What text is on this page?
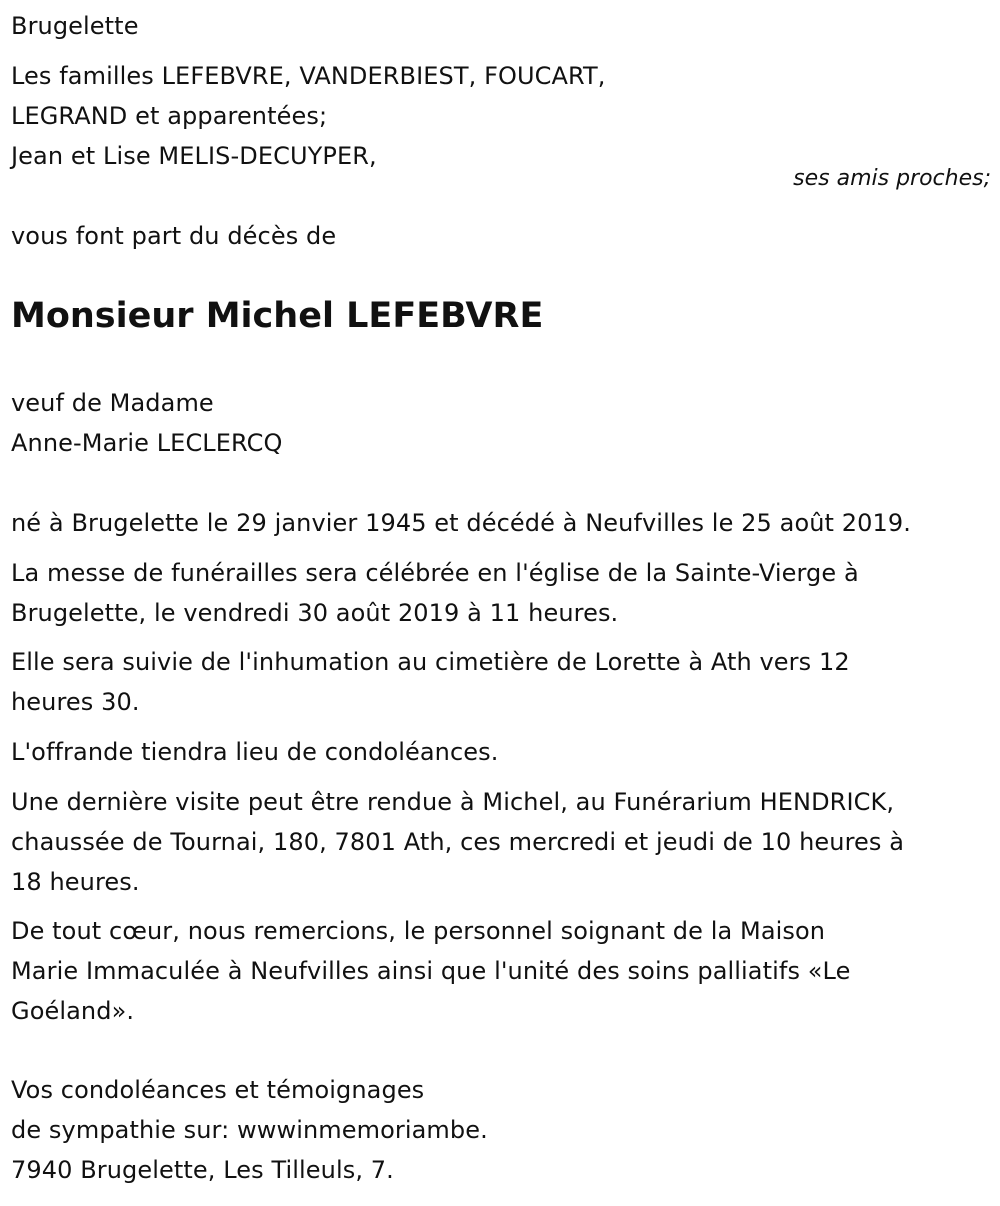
Brugelette
Les familles LEFEBVRE, VANDERBIEST, FOUCART,
LEGRAND et apparentées;
Jean et Lise MELIS-DECUYPER,
ses amis proches;
vous font part du décès de
Monsieur Michel LEFEBVRE
veuf de Madame
Anne-Marie LECLERCQ
né à Brugelette le 29 janvier 1945 et décédé à Neufvilles le 25 août 2019.
La messe de funérailles sera célébrée en l'église de la Sainte-Vierge à
Brugelette, le vendredi 30 août 2019 à 11 heures.
Elle sera suivie de l'inhumation au cimetière de Lorette à Ath vers 12
heures 30.
L'offrande tiendra lieu de condoléances.
Une dernière visite peut être rendue à Michel, au Funérarium HENDRICK,
chaussée de Tournai, 180, 7801 Ath, ces mercredi et jeudi de 10 heures à
18 heures.
De tout cœur, nous remercions, le personnel soignant de la Maison
Marie Immaculée à Neufvilles ainsi que l'unité des soins palliatifs «Le
Goéland».
Vos condoléances et témoignages
de sympathie sur: wwwinmemoriambe.
7940 Brugelette, Les Tilleuls, 7.
